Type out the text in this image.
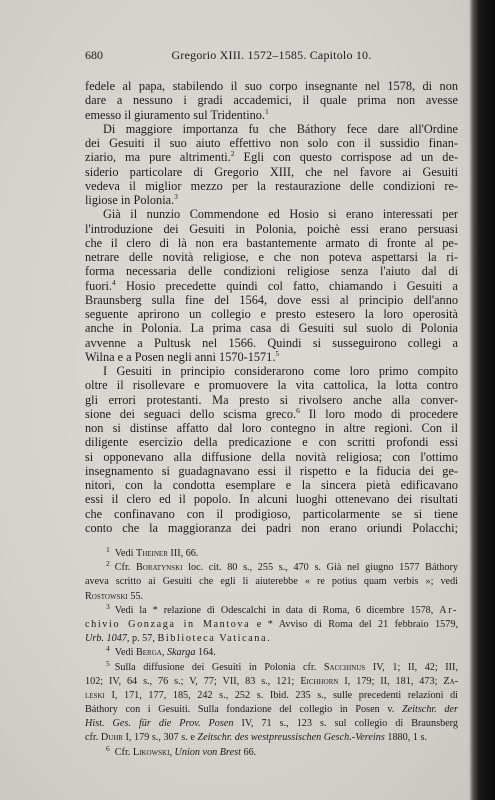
680	Gregorio XIII. 1572–1585. Capitolo 10.
fedele al papa, stabilendo il suo corpo insegnante nel 1578, di non
dare a nessuno i gradi accademici, il quale prima non avesse
emesso il giuramento sul Tridentino.$^1$
Di maggiore importanza fu che Báthory fece dare all'Ordine
dei Gesuiti il suo aiuto effettivo non solo con il sussidio finan-
ziario, ma pure altrimenti.$^2$ Egli con questo corrispose ad un de-
siderio particolare di Gregorio XIII, che nel favore ai Gesuiti
vedeva il miglior mezzo per la restaurazione delle condizioni re-
ligiose in Polonia.$^3$
Già il nunzio Commendone ed Hosio si erano interessati per
l'introduzione dei Gesuiti in Polonia, poichè essi erano persuasi
che il clero di là non era bastantemente armato di fronte al pe-
netrare delle novità religiose, e che non poteva aspettarsi la ri-
forma necessaria delle condizioni religiose senza l'aiuto dal di
fuori.$^4$ Hosio precedette quindi col fatto, chiamando i Gesuiti a
Braunsberg sulla fine del 1564, dove essi al principio dell'anno
seguente aprirono un collegio e presto estesero la loro operosità
anche in Polonia. La prima casa di Gesuiti sul suolo di Polonia
avvenne a Pultusk nel 1566. Quindi si susseguirono collegi a
Wilna e a Posen negli anni 1570-1571.$^5$
I Gesuiti in principio considerarono come loro primo compito
oltre il risollevare e promuovere la vita cattolica, la lotta contro
gli errori protestanti. Ma presto si rivolsero anche alla conver-
sione dei seguaci dello scisma greco.$^6$ Il loro modo di procedere
non si distinse affatto dal loro contegno in altre regioni. Con il
diligente esercizio della predicazione e con scritti profondi essi
si opponevano alla diffusione della novità religiosa; con l'ottimo
insegnamento si guadagnavano essi il rispetto e la fiducia dei ge-
nitori, con la condotta esemplare e la sincera pietà edificavano
essi il clero ed il popolo. In alcuni luoghi ottenevano dei risultati
che confinavano con il prodigioso, particolarmente se si tiene
conto che la maggioranza dei padri non erano oriundi Polacchi;
$^1$ Vedi Theiner III, 66.
$^2$ Cfr. Boratynski loc. cit. 80 s., 255 s., 470 s. Già nel giugno 1577 Báthory
aveva scritto ai Gesuiti che egli li aiuterebbe « re potius quam verbis »; vedi
Rostowski 55.
$^3$ Vedi la * relazione di Odescalchi in data di Roma, 6 dicembre 1578, Ar-
chivio Gonzaga in Mantova e * Avviso di Roma del 21 febbraio 1579,
Urb. 1047, p. 57, Biblioteca Vaticana.
$^4$ Vedi Berga, Skarga 164.
$^5$ Sulla diffusione dei Gesuiti in Polonia cfr. Sacchinus IV, 1; II, 42; III,
102; IV, 64 s., 76 s.; V, 77; VII, 83 s., 121; Eichhorn I, 179; II, 181, 473; Za-
leski I, 171, 177, 185, 242 s., 252 s. Ibid. 235 s., sulle precedenti relazioni di
Báthory con i Gesuiti. Sulla fondazione del collegio in Posen v. Zeitschr. der
Hist. Ges. für die Prov. Posen IV, 71 s., 123 s. sul collegio di Braunsberg
cfr. Duhr I, 179 s., 307 s. e Zeitschr. des westpreussischen Gesch.-Vereins 1880, 1 s.
$^6$ Cfr. Likowski, Union von Brest 66.
